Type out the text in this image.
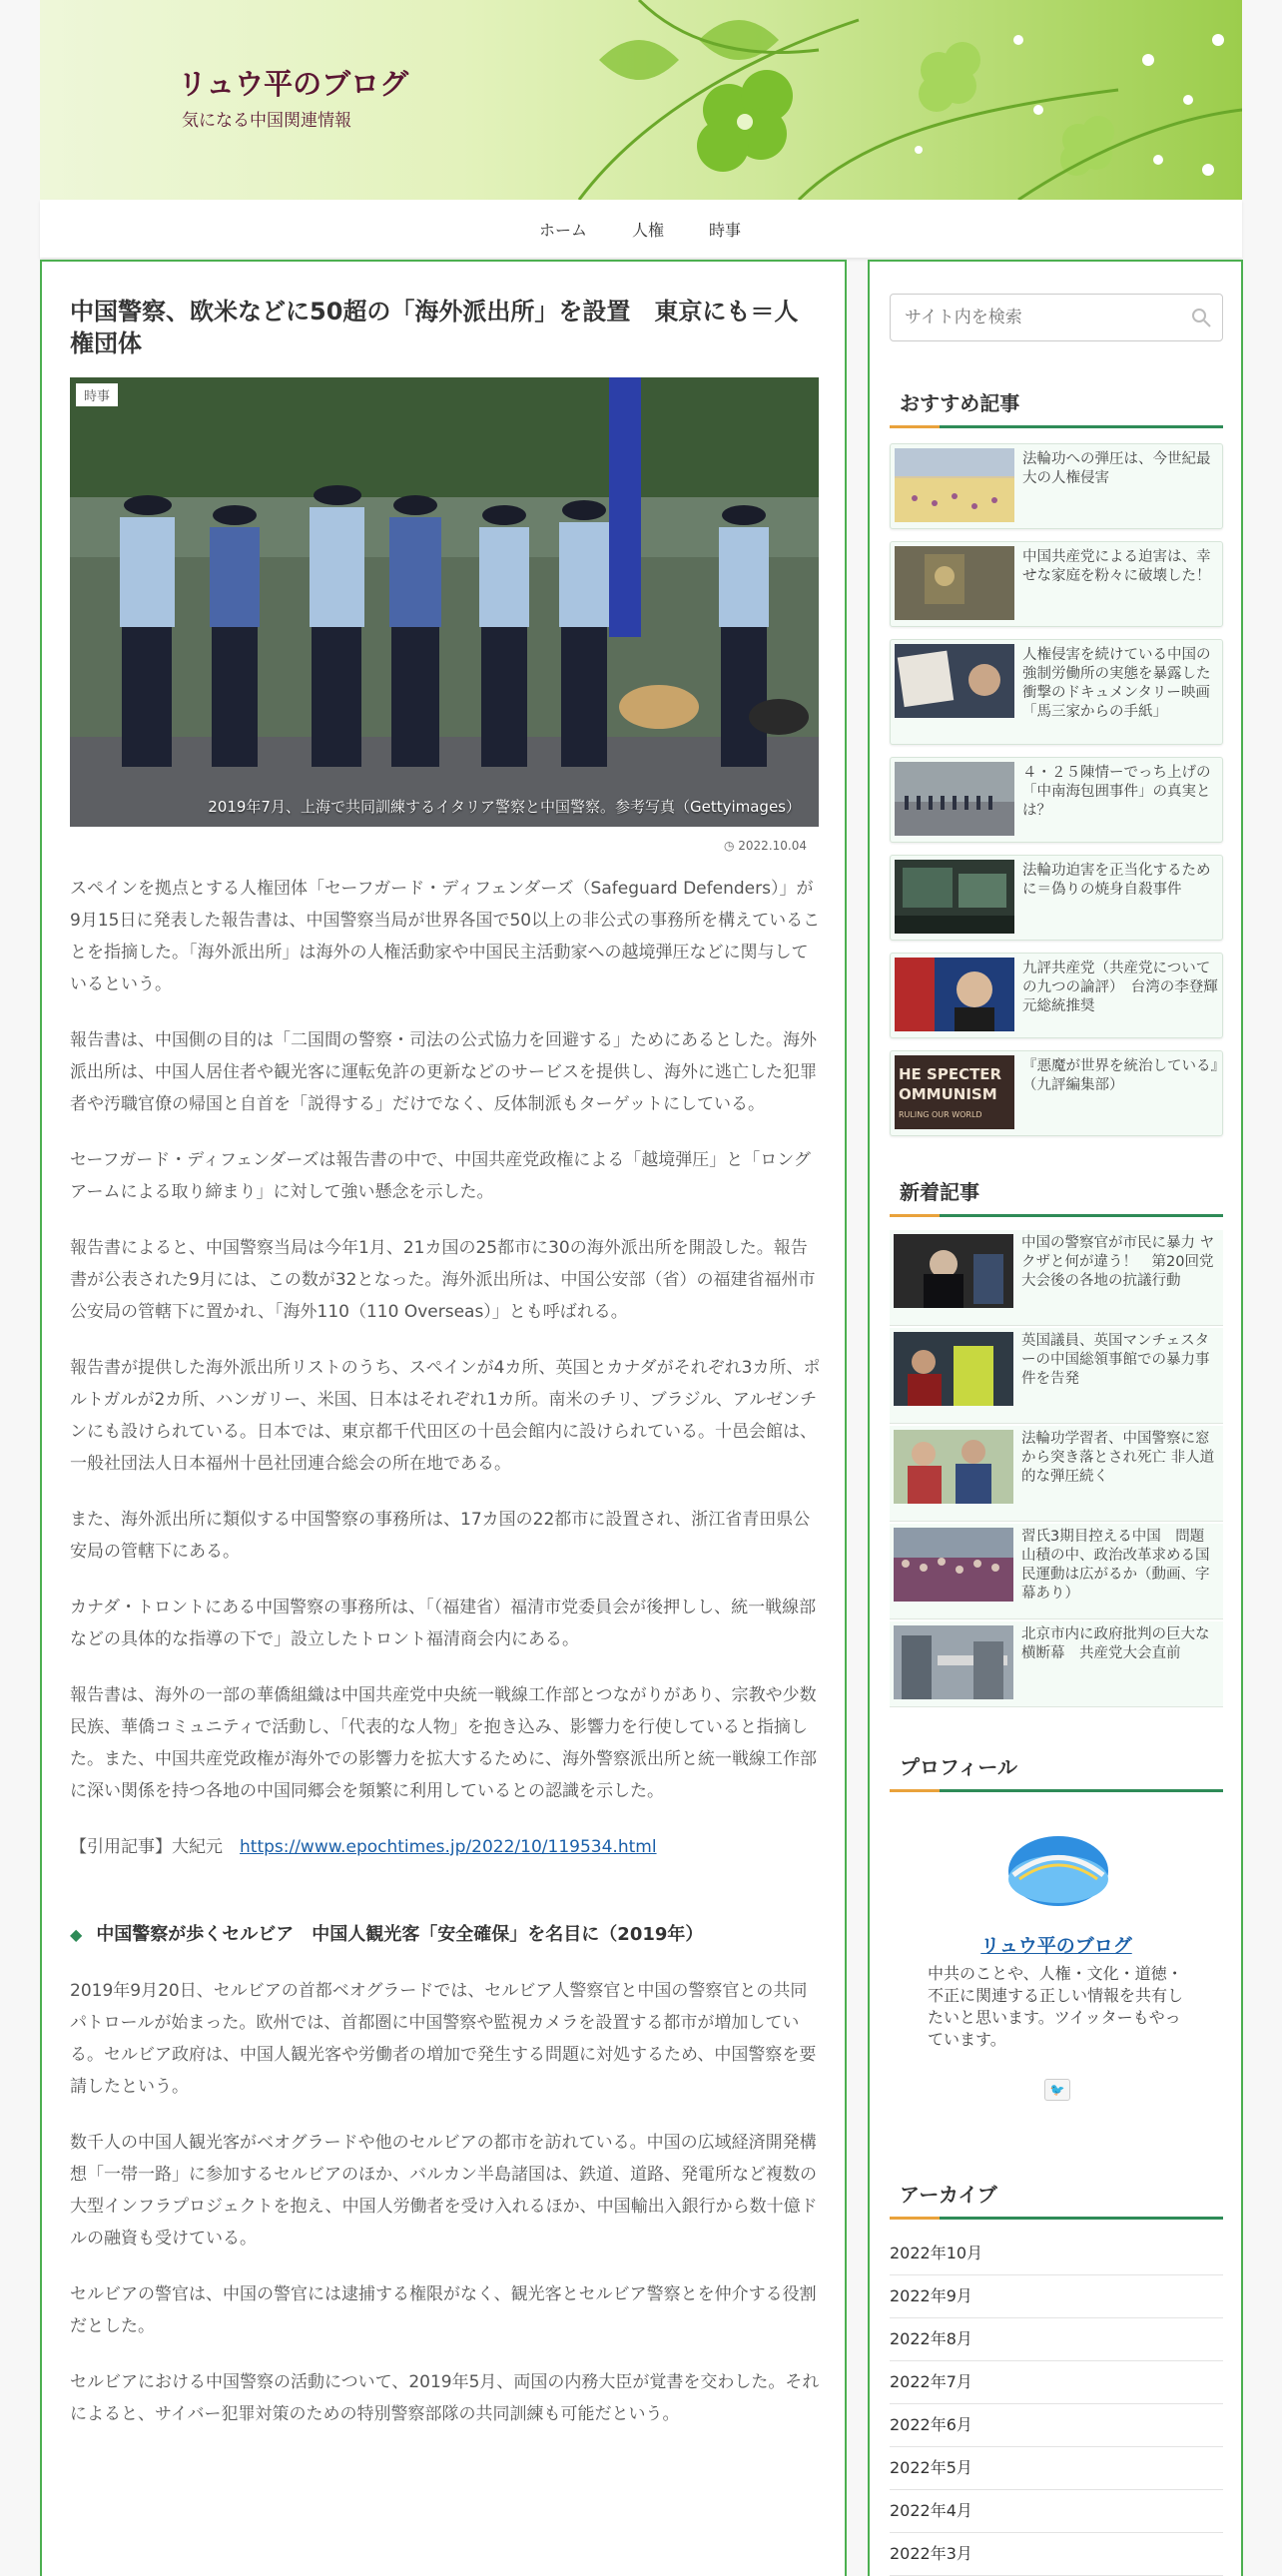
リュウ平のブログ
気になる中国関連情報
ホーム	人権	時事
中国警察、欧米などに50超の「海外派出所」を設置　東京にも＝人権団体
時事
2019年7月、上海で共同訓練するイタリア警察と中国警察。参考写真（Gettyimages）
◷ 2022.10.04

スペインを拠点とする人権団体「セーフガード・ディフェンダーズ（Safeguard Defenders）」が9月15日に発表した報告書は、中国警察当局が世界各国で50以上の非公式の事務所を構えていることを指摘した。「海外派出所」は海外の人権活動家や中国民主活動家への越境弾圧などに関与しているという。

報告書は、中国側の目的は「二国間の警察・司法の公式協力を回避する」ためにあるとした。海外派出所は、中国人居住者や観光客に運転免許の更新などのサービスを提供し、海外に逃亡した犯罪者や汚職官僚の帰国と自首を「説得する」だけでなく、反体制派もターゲットにしている。

セーフガード・ディフェンダーズは報告書の中で、中国共産党政権による「越境弾圧」と「ロングアームによる取り締まり」に対して強い懸念を示した。

報告書によると、中国警察当局は今年1月、21カ国の25都市に30の海外派出所を開設した。報告書が公表された9月には、この数が32となった。海外派出所は、中国公安部（省）の福建省福州市公安局の管轄下に置かれ、「海外110（110 Overseas）」とも呼ばれる。

報告書が提供した海外派出所リストのうち、スペインが4カ所、英国とカナダがそれぞれ3カ所、ポルトガルが2カ所、ハンガリー、米国、日本はそれぞれ1カ所。南米のチリ、ブラジル、アルゼンチンにも設けられている。日本では、東京都千代田区の十邑会館内に設けられている。十邑会館は、一般社団法人日本福州十邑社団連合総会の所在地である。

また、海外派出所に類似する中国警察の事務所は、17カ国の22都市に設置され、浙江省青田県公安局の管轄下にある。

カナダ・トロントにある中国警察の事務所は、「（福建省）福清市党委員会が後押しし、統一戦線部などの具体的な指導の下で」設立したトロント福清商会内にある。

報告書は、海外の一部の華僑組織は中国共産党中央統一戦線工作部とつながりがあり、宗教や少数民族、華僑コミュニティで活動し、「代表的な人物」を抱き込み、影響力を行使していると指摘した。また、中国共産党政権が海外での影響力を拡大するために、海外警察派出所と統一戦線工作部に深い関係を持つ各地の中国同郷会を頻繁に利用しているとの認識を示した。

【引用記事】大紀元　https://www.epochtimes.jp/2022/10/119534.html

◆ 中国警察が歩くセルビア　中国人観光客「安全確保」を名目に（2019年）

2019年9月20日、セルビアの首都ベオグラードでは、セルビア人警察官と中国の警察官との共同パトロールが始まった。欧州では、首都圏に中国警察や監視カメラを設置する都市が増加している。セルビア政府は、中国人観光客や労働者の増加で発生する問題に対処するため、中国警察を要請したという。

数千人の中国人観光客がベオグラードや他のセルビアの都市を訪れている。中国の広域経済開発構想「一帯一路」に参加するセルビアのほか、バルカン半島諸国は、鉄道、道路、発電所など複数の大型インフラプロジェクトを抱え、中国人労働者を受け入れるほか、中国輸出入銀行から数十億ドルの融資も受けている。

セルビアの警官は、中国の警官には逮捕する権限がなく、観光客とセルビア警察とを仲介する役割だとした。

セルビアにおける中国警察の活動について、2019年5月、両国の内務大臣が覚書を交わした。それによると、サイバー犯罪対策のための特別警察部隊の共同訓練も可能だという。

サイト内を検索
おすすめ記事
法輪功への弾圧は、今世紀最大の人権侵害
中国共産党による迫害は、幸せな家庭を粉々に破壊した！
人権侵害を続けている中国の強制労働所の実態を暴露した衝撃のドキュメンタリー映画「馬三家からの手紙」
４・２５陳情ーでっち上げの「中南海包囲事件」の真実とは？
法輪功迫害を正当化するために＝偽りの焼身自殺事件
九評共産党（共産党についての九つの論評）　台湾の李登輝元総統推奨
HE SPECTER
OMMUNISM
RULING OUR WORLD
『悪魔が世界を統治している』（九評編集部）
新着記事
中国の警察官が市民に暴力 ヤクザと何が違う！　第20回党大会後の各地の抗議行動
英国議員、英国マンチェスターの中国総領事館での暴力事件を告発
法輪功学習者、中国警察に窓から突き落とされ死亡 非人道的な弾圧続く
習氏3期目控える中国　問題山積の中、政治改革求める国民運動は広がるか（動画、字幕あり）
北京市内に政府批判の巨大な横断幕　共産党大会直前
プロフィール
リュウ平のブログ
中共のことや、人権・文化・道徳・不正に関連する正しい情報を共有したいと思います。ツイッターもやっています。
🐦
アーカイブ
2022年10月
2022年9月
2022年8月
2022年7月
2022年6月
2022年5月
2022年4月
2022年3月
